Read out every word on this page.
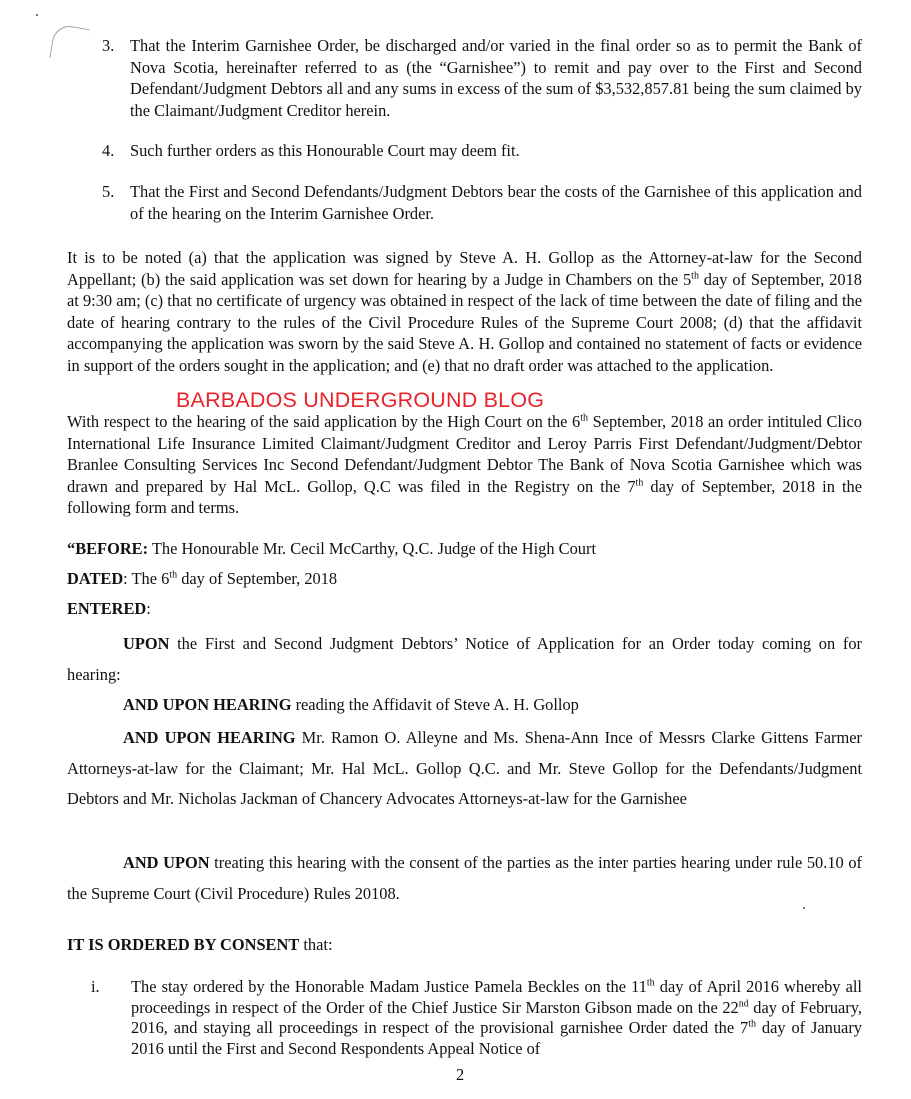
3. That the Interim Garnishee Order, be discharged and/or varied in the final order so as to permit the Bank of Nova Scotia, hereinafter referred to as (the “Garnishee”) to remit and pay over to the First and Second Defendant/Judgment Debtors all and any sums in excess of the sum of $3,532,857.81 being the sum claimed by the Claimant/Judgment Creditor herein.
4. Such further orders as this Honourable Court may deem fit.
5. That the First and Second Defendants/Judgment Debtors bear the costs of the Garnishee of this application and of the hearing on the Interim Garnishee Order.
It is to be noted (a) that the application was signed by Steve A. H. Gollop as the Attorney-at-law for the Second Appellant; (b) the said application was set down for hearing by a Judge in Chambers on the 5th day of September, 2018 at 9:30 am; (c) that no certificate of urgency was obtained in respect of the lack of time between the date of filing and the date of hearing contrary to the rules of the Civil Procedure Rules of the Supreme Court 2008; (d) that the affidavit accompanying the application was sworn by the said Steve A. H. Gollop and contained no statement of facts or evidence in support of the orders sought in the application; and (e) that no draft order was attached to the application.
BARBADOS UNDERGROUND BLOG
With respect to the hearing of the said application by the High Court on the 6th September, 2018 an order intituled Clico International Life Insurance Limited Claimant/Judgment Creditor and Leroy Parris First Defendant/Judgment/Debtor Branlee Consulting Services Inc Second Defendant/Judgment Debtor The Bank of Nova Scotia Garnishee which was drawn and prepared by Hal McL. Gollop, Q.C was filed in the Registry on the 7th day of September, 2018 in the following form and terms.
“BEFORE: The Honourable Mr. Cecil McCarthy, Q.C. Judge of the High Court
DATED: The 6th day of September, 2018
ENTERED:
UPON the First and Second Judgment Debtors’ Notice of Application for an Order today coming on for hearing:
AND UPON HEARING reading the Affidavit of Steve A. H. Gollop
AND UPON HEARING Mr. Ramon O. Alleyne and Ms. Shena-Ann Ince of Messrs Clarke Gittens Farmer Attorneys-at-law for the Claimant; Mr. Hal McL. Gollop Q.C. and Mr. Steve Gollop for the Defendants/Judgment Debtors and Mr. Nicholas Jackman of Chancery Advocates Attorneys-at-law for the Garnishee
AND UPON treating this hearing with the consent of the parties as the inter parties hearing under rule 50.10 of the Supreme Court (Civil Procedure) Rules 20108.
IT IS ORDERED BY CONSENT that:
i. The stay ordered by the Honorable Madam Justice Pamela Beckles on the 11th day of April 2016 whereby all proceedings in respect of the Order of the Chief Justice Sir Marston Gibson made on the 22nd day of February, 2016, and staying all proceedings in respect of the provisional garnishee Order dated the 7th day of January 2016 until the First and Second Respondents Appeal Notice of
2
